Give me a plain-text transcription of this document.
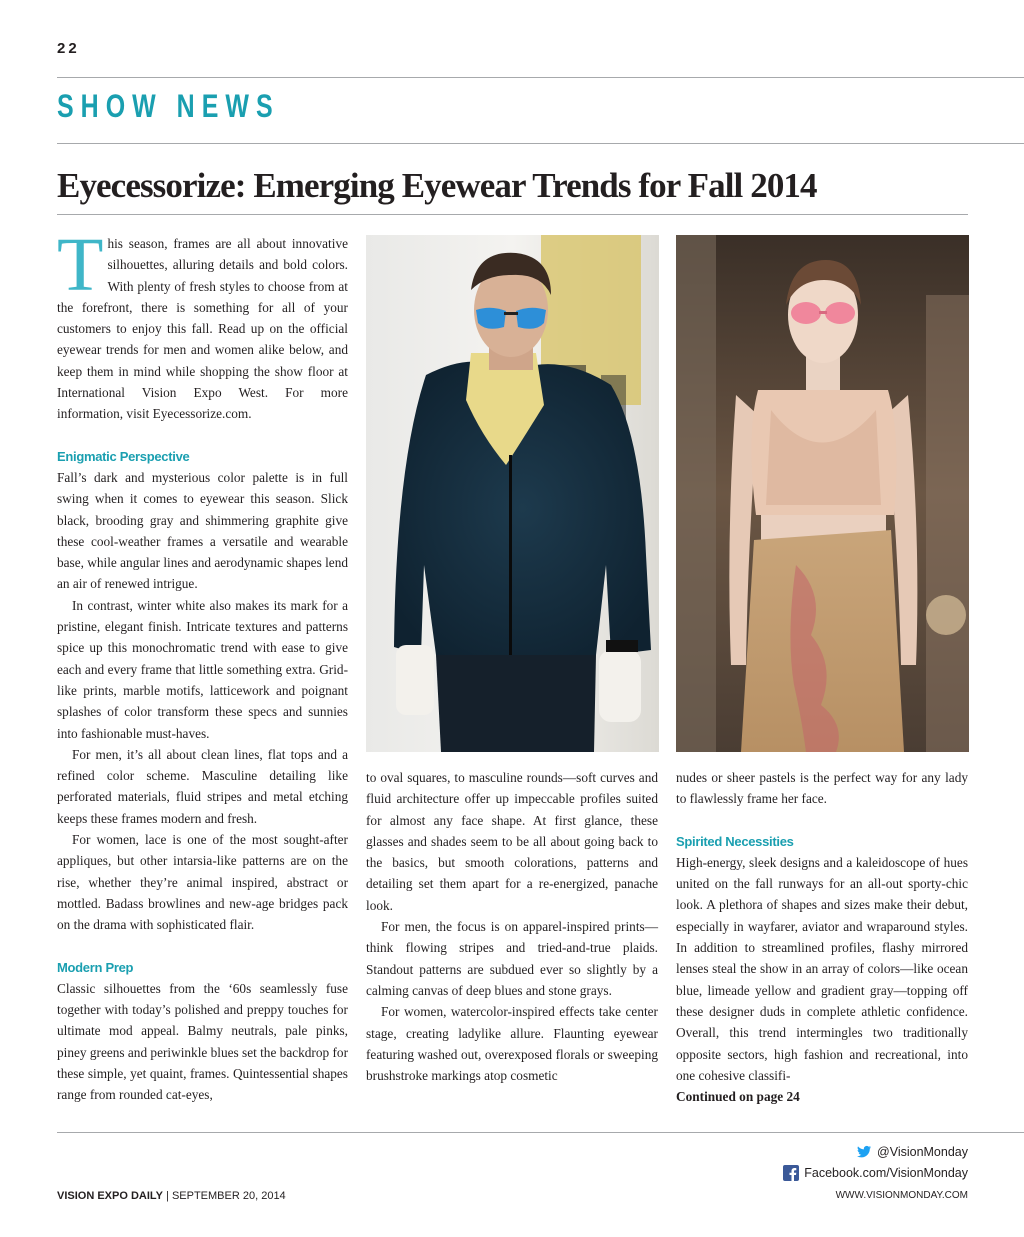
22
SHOW NEWS
Eyecessorize: Emerging Eyewear Trends for Fall 2014

This season, frames are all about innovative silhouettes, alluring details and bold colors. With plenty of fresh styles to choose from at the forefront, there is something for all of your customers to enjoy this fall. Read up on the official eyewear trends for men and women alike below, and keep them in mind while shopping the show floor at International Vision Expo West. For more information, visit Eyecessorize.com.

Enigmatic Perspective

Fall’s dark and mysterious color palette is in full swing when it comes to eyewear this season. Slick black, brooding gray and shimmering graphite give these cool-weather frames a versatile and wearable base, while angular lines and aerodynamic shapes lend an air of renewed intrigue.

In contrast, winter white also makes its mark for a pristine, elegant finish. Intricate textures and patterns spice up this monochromatic trend with ease to give each and every frame that little something extra. Grid-like prints, marble motifs, latticework and poignant splashes of color transform these specs and sunnies into fashionable must-haves.

For men, it’s all about clean lines, flat tops and a refined color scheme. Masculine detailing like perforated materials, fluid stripes and metal etching keeps these frames modern and fresh.

For women, lace is one of the most sought-after appliques, but other intarsia-like patterns are on the rise, whether they’re animal inspired, abstract or mottled. Badass browlines and new-age bridges pack on the drama with sophisticated flair.

Modern Prep

Classic silhouettes from the ‘60s seamlessly fuse together with today’s polished and preppy touches for ultimate mod appeal. Balmy neutrals, pale pinks, piney greens and periwinkle blues set the backdrop for these simple, yet quaint, frames. Quintessential shapes range from rounded cat-eyes,

to oval squares, to masculine rounds—soft curves and fluid architecture offer up impeccable profiles suited for almost any face shape. At first glance, these glasses and shades seem to be all about going back to the basics, but smooth colorations, patterns and detailing set them apart for a re-energized, panache look.

For men, the focus is on apparel-inspired prints—think flowing stripes and tried-and-true plaids. Standout patterns are subdued ever so slightly by a calming canvas of deep blues and stone grays.

For women, watercolor-inspired effects take center stage, creating ladylike allure. Flaunting eyewear featuring washed out, overexposed florals or sweeping brushstroke markings atop cosmetic

nudes or sheer pastels is the perfect way for any lady to flawlessly frame her face.

Spirited Necessities

High-energy, sleek designs and a kaleidoscope of hues united on the fall runways for an all-out sporty-chic look. A plethora of shapes and sizes make their debut, especially in wayfarer, aviator and wraparound styles. In addition to streamlined profiles, flashy mirrored lenses steal the show in an array of colors—like ocean blue, limeade yellow and gradient gray—topping off these designer duds in complete athletic confidence. Overall, this trend intermingles two traditionally opposite sectors, high fashion and recreational, into one cohesive classifi-

Continued on page 24

@VisionMonday
Facebook.com/VisionMonday
VISION EXPO DAILY | SEPTEMBER 20, 2014	WWW.VISIONMONDAY.COM
